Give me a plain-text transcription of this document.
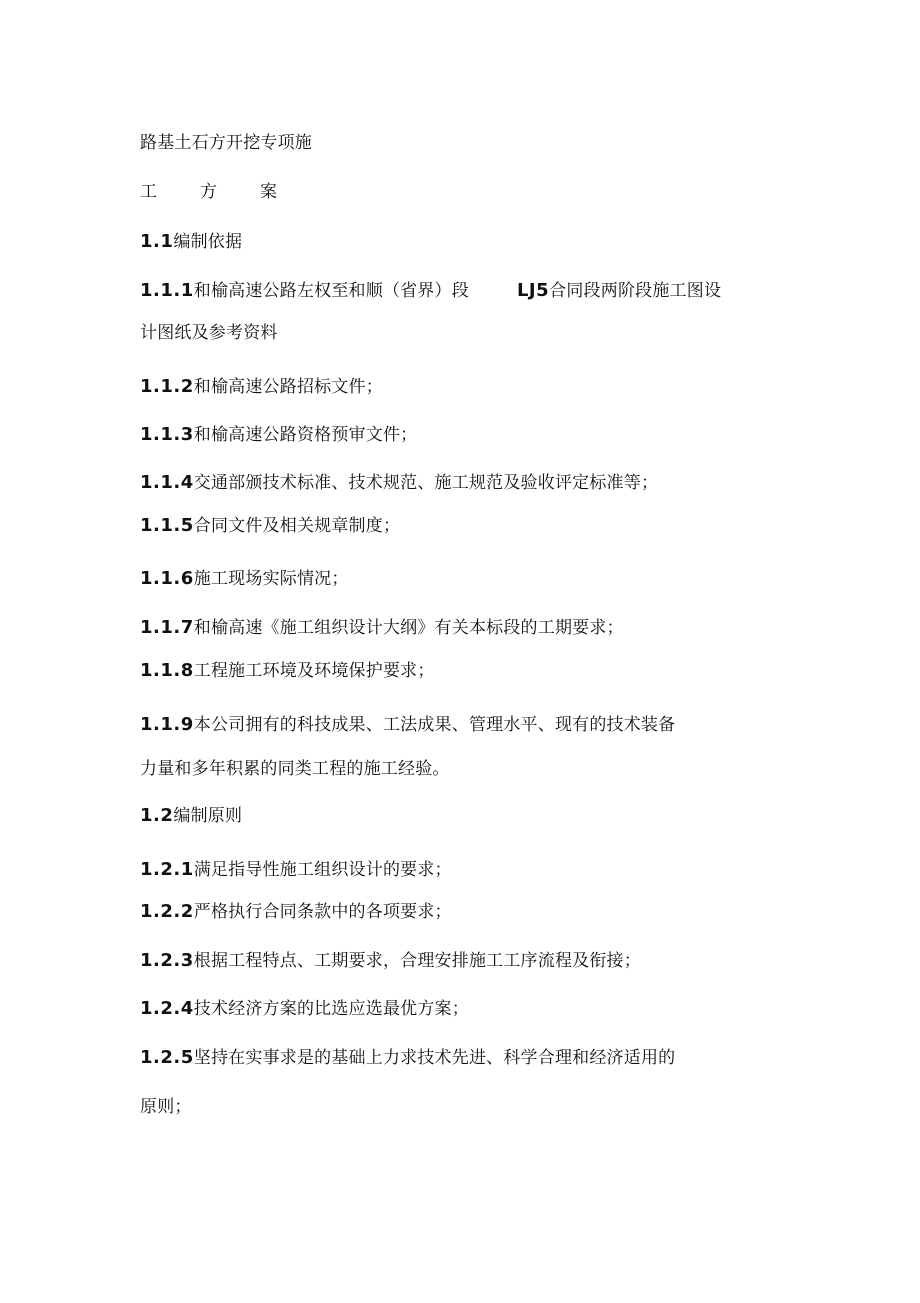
路基土石方开挖专项施
工	方	案
1.1编制依据
1.1.1和榆高速公路左权至和顺（省界）段	LJ5合同段两阶段施工图设
计图纸及参考资料
1.1.2和榆高速公路招标文件；
1.1.3和榆高速公路资格预审文件；
1.1.4交通部颁技术标准、技术规范、施工规范及验收评定标准等；
1.1.5合同文件及相关规章制度；
1.1.6施工现场实际情况；
1.1.7和榆高速《施工组织设计大纲》有关本标段的工期要求；
1.1.8工程施工环境及环境保护要求；
1.1.9本公司拥有的科技成果、工法成果、管理水平、现有的技术装备
力量和多年积累的同类工程的施工经验。
1.2编制原则
1.2.1满足指导性施工组织设计的要求；
1.2.2严格执行合同条款中的各项要求；
1.2.3根据工程特点、工期要求，合理安排施工工序流程及衔接；
1.2.4技术经济方案的比选应选最优方案；
1.2.5坚持在实事求是的基础上力求技术先进、科学合理和经济适用的
原则；
